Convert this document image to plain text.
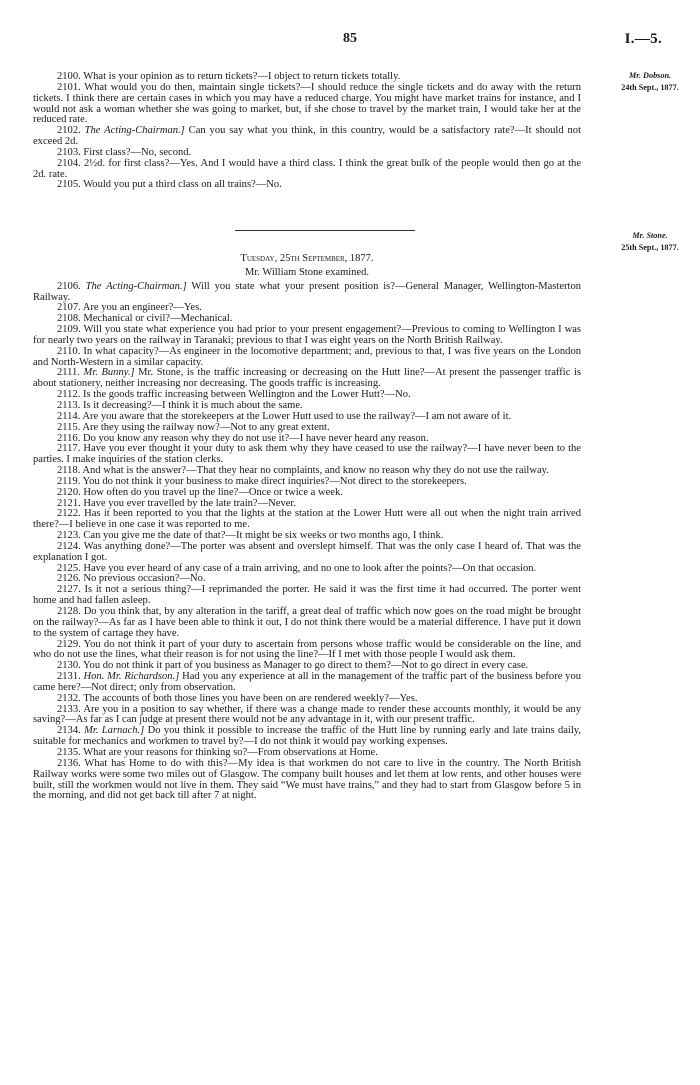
85	I.—5.
Mr. Dobson.
24th Sept., 1877.
Mr. Stone.
25th Sept., 1877.

2100. What is your opinion as to return tickets?—I object to return tickets totally.

2101. What would you do then, maintain single tickets?—I should reduce the single tickets and do away with the return tickets. I think there are certain cases in which you may have a reduced charge. You might have market trains for instance, and I would not ask a woman whether she was going to market, but, if she chose to travel by the market train, I would take her at the reduced rate.

2102. The Acting-Chairman.] Can you say what you think, in this country, would be a satisfactory rate?—It should not exceed 2d.

2103. First class?—No, second.

2104. 2½d. for first class?—Yes. And I would have a third class. I think the great bulk of the people would then go at the 2d. rate.

2105. Would you put a third class on all trains?—No.

Tuesday, 25th September, 1877.

Mr. William Stone examined.

2106. The Acting-Chairman.] Will you state what your present position is?—General Manager, Wellington-Masterton Railway.

2107. Are you an engineer?—Yes.

2108. Mechanical or civil?—Mechanical.

2109. Will you state what experience you had prior to your present engagement?—Previous to coming to Wellington I was for nearly two years on the railway in Taranaki; previous to that I was eight years on the North British Railway.

2110. In what capacity?—As engineer in the locomotive department; and, previous to that, I was five years on the London and North-Western in a similar capacity.

2111. Mr. Bunny.] Mr. Stone, is the traffic increasing or decreasing on the Hutt line?—At present the passenger traffic is about stationery, neither increasing nor decreasing. The goods traffic is increasing.

2112. Is the goods traffic increasing between Wellington and the Lower Hutt?—No.

2113. Is it decreasing?—I think it is much about the same.

2114. Are you aware that the storekeepers at the Lower Hutt used to use the railway?—I am not aware of it.

2115. Are they using the railway now?—Not to any great extent.

2116. Do you know any reason why they do not use it?—I have never heard any reason.

2117. Have you ever thought it your duty to ask them why they have ceased to use the railway?—I have never been to the parties. I make inquiries of the station clerks.

2118. And what is the answer?—That they hear no complaints, and know no reason why they do not use the railway.

2119. You do not think it your business to make direct inquiries?—Not direct to the storekeepers.

2120. How often do you travel up the line?—Once or twice a week.

2121. Have you ever travelled by the late train?—Never.

2122. Has it been reported to you that the lights at the station at the Lower Hutt were all out when the night train arrived there?—I believe in one case it was reported to me.

2123. Can you give me the date of that?—It might be six weeks or two months ago, I think.

2124. Was anything done?—The porter was absent and overslept himself. That was the only case I heard of. That was the explanation I got.

2125. Have you ever heard of any case of a train arriving, and no one to look after the points?—On that occasion.

2126. No previous occasion?—No.

2127. Is it not a serious thing?—I reprimanded the porter. He said it was the first time it had occurred. The porter went home and had fallen asleep.

2128. Do you think that, by any alteration in the tariff, a great deal of traffic which now goes on the road might be brought on the railway?—As far as I have been able to think it out, I do not think there would be a material difference. I have put it down to the system of cartage they have.

2129. You do not think it part of your duty to ascertain from persons whose traffic would be considerable on the line, and who do not use the lines, what their reason is for not using the line?—If I met with those people I would ask them.

2130. You do not think it part of you business as Manager to go direct to them?—Not to go direct in every case.

2131. Hon. Mr. Richardson.] Had you any experience at all in the management of the traffic part of the business before you came here?—Not direct; only from observation.

2132. The accounts of both those lines you have been on are rendered weekly?—Yes.

2133. Are you in a position to say whether, if there was a change made to render these accounts monthly, it would be any saving?—As far as I can judge at present there would not be any advantage in it, with our present traffic.

2134. Mr. Larnach.] Do you think it possible to increase the traffic of the Hutt line by running early and late trains daily, suitable for mechanics and workmen to travel by?—I do not think it would pay working expenses.

2135. What are your reasons for thinking so?—From observations at Home.

2136. What has Home to do with this?—My idea is that workmen do not care to live in the country. The North British Railway works were some two miles out of Glasgow. The company built houses and let them at low rents, and other houses were built, still the workmen would not live in them. They said “We must have trains,” and they had to start from Glasgow before 5 in the morning, and did not get back till after 7 at night.
